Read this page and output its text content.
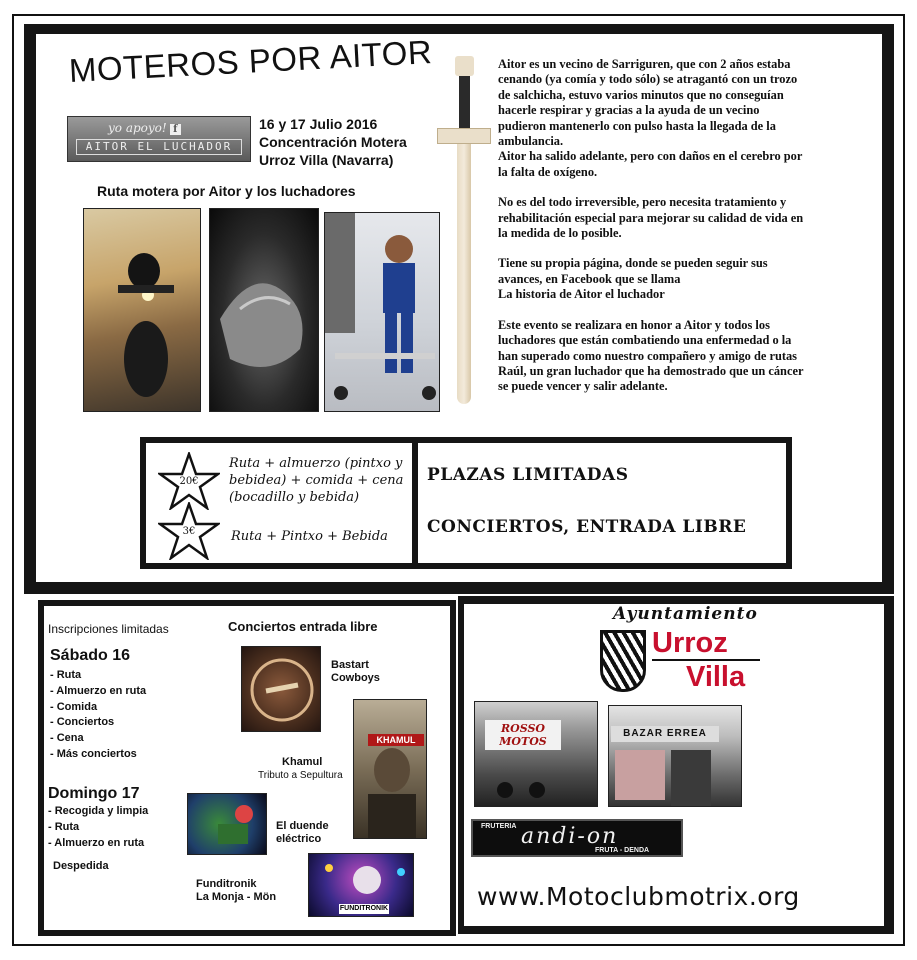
MOTEROS POR AITOR
yo apoyo! f
AITOR EL LUCHADOR
16 y 17 Julio 2016
Concentración Motera
Urroz Villa (Navarra)
Ruta motera por Aitor y los luchadores

Aitor es un vecino de Sarriguren, que con 2 años estaba
cenando (ya comía y todo sólo) se atragantó con un trozo
de salchicha, estuvo varios minutos que no conseguían
hacerle respirar y gracias a la ayuda de un vecino
pudieron mantenerlo con pulso hasta la llegada de la
ambulancia.
Aitor ha salido adelante, pero con daños en el cerebro por
la falta de oxígeno.

No es del todo irreversible, pero necesita tratamiento y
rehabilitación especial para mejorar su calidad de vida en
la medida de lo posible.

Tiene su propia página, donde se pueden seguir sus
avances, en Facebook que se llama
La historia de Aitor el luchador

Este evento se realizara en honor a Aitor y todos los
luchadores que están combatiendo una enfermedad o la
han superado como nuestro compañero y amigo de rutas
Raúl, un gran luchador que ha demostrado que un cáncer
se puede vencer y salir adelante.

20€
Ruta + almuerzo (pintxo y
bebidea) + comida + cena
(bocadillo y bebida)
3€	Ruta + Pintxo + Bebida
PLAZAS LIMITADAS
CONCIERTOS, ENTRADA LIBRE
Inscripciones limitadas
Sábado 16
- Ruta
- Almuerzo en ruta
- Comida
- Conciertos
- Cena
- Más conciertos
Domingo 17
- Recogida y limpia
- Ruta
- Almuerzo en ruta
Despedida
Conciertos entrada libre
Bastart
Cowboys
KHAMUL
Khamul
Tributo a Sepultura
El duende
eléctrico
FUNDITRONIK
Funditronik
La Monja - Mön
Ayuntamiento
Urroz
Villa
ROSSO
MOTOS
BAZAR ERREA
FRUTERIA andi-on
FRUTA - DENDA
www.Motoclubmotrix.org
